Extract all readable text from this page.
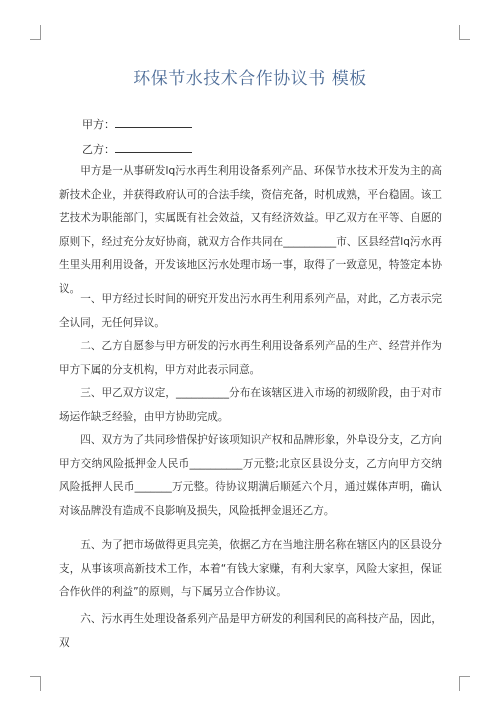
环保节水技术合作协议书 模板
甲方：
乙方：

甲方是一从事研发lq污水再生利用设备系列产品、环保节水技术开发为主的高新技术企业，并获得政府认可的合法手续，资信充备，时机成熟，平台稳固。该工艺技术为职能部门，实属既有社会效益，又有经济效益。甲乙双方在平等、自愿的原则下，经过充分友好协商，就双方合作共同在__________市、区县经营lq污水再生里头用利用设备，开发该地区污水处理市场一事，取得了一致意见，特签定本协议。

一、甲方经过长时间的研究开发出污水再生利用系列产品，对此，乙方表示完全认同，无任何异议。

二、乙方自愿参与甲方研发的污水再生利用设备系列产品的生产、经营并作为甲方下属的分支机构，甲方对此表示同意。

三、甲乙双方议定，__________分布在该辖区进入市场的初级阶段，由于对市场运作缺乏经验，由甲方协助完成。

四、双方为了共同珍惜保护好该项知识产权和品牌形象，外阜设分支，乙方向甲方交纳风险抵押金人民币__________万元整;北京区县设分支，乙方向甲方交纳风险抵押人民币_______万元整。待协议期满后顺延六个月，通过媒体声明，确认对该品牌没有造成不良影响及损失，风险抵押金退还乙方。

五、为了把市场做得更具完美，依据乙方在当地注册名称在辖区内的区县设分支，从事该项高新技术工作，本着“有钱大家赚，有利大家享，风险大家担，保证合作伙伴的利益”的原则，与下属另立合作协议。

六、污水再生处理设备系列产品是甲方研发的利国利民的高科技产品，因此，双
